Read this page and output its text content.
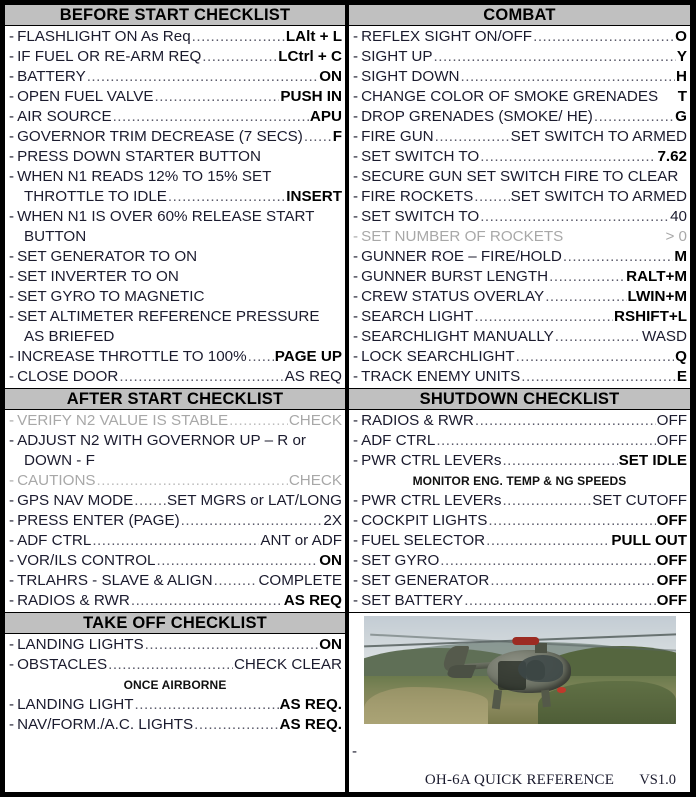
BEFORE START CHECKLIST
- FLASHLIGHT ON As Req .....	LAlt + L
- IF FUEL OR RE-ARM REQ .....	LCtrl + C
- BATTERY .....	ON
- OPEN FUEL VALVE .....	PUSH IN
- AIR SOURCE .....	APU
- GOVERNOR TRIM DECREASE (7 SECS) ..... F
- PRESS DOWN STARTER BUTTON
- WHEN N1 READS 12% TO 15% SET
THROTTLE TO IDLE .....	INSERT
- WHEN N1 IS OVER 60% RELEASE START
BUTTON
- SET GENERATOR TO ON
- SET INVERTER TO ON
- SET GYRO TO MAGNETIC
- SET ALTIMETER REFERENCE PRESSURE
AS BRIEFED
- INCREASE THROTTLE TO 100% ..... PAGE UP
- CLOSE DOOR .....	AS REQ
AFTER START CHECKLIST
- VERIFY N2 VALUE IS STABLE .....	CHECK
- ADJUST N2 WITH GOVERNOR UP – R or
DOWN - F
- CAUTIONS .....	CHECK
- GPS NAV MODE ..... SET MGRS or LAT/LONG
- PRESS ENTER (PAGE) .....	2X
- ADF CTRL .....	ANT or ADF
- VOR/ILS CONTROL .....	ON
- TRLAHRS - SLAVE & ALIGN .....	COMPLETE
- RADIOS & RWR .....	AS REQ
TAKE OFF CHECKLIST
- LANDING LIGHTS .....	ON
- OBSTACLES .....	CHECK CLEAR
ONCE AIRBORNE
- LANDING LIGHT .....	AS REQ.
- NAV/FORM./A.C. LIGHTS .....	AS REQ.
COMBAT
- REFLEX SIGHT ON/OFF .....	O
- SIGHT UP .....	Y
- SIGHT DOWN .....	H
- CHANGE COLOR OF SMOKE GRENADES T
- DROP GRENADES (SMOKE/ HE) .....	G
- FIRE GUN .....	SET SWITCH TO ARMED
- SET SWITCH TO .....	7.62
- SECURE GUN SET SWITCH FIRE TO CLEAR
- FIRE ROCKETS ..... SET SWITCH TO ARMED
- SET SWITCH TO .....	40
- SET NUMBER OF ROCKETS	> 0
- GUNNER ROE – FIRE/HOLD .....	M
- GUNNER BURST LENGTH .....	RALT+M
- CREW STATUS OVERLAY .....	LWIN+M
- SEARCH LIGHT .....	RSHIFT+L
- SEARCHLIGHT MANUALLY .....	WASD
- LOCK SEARCHLIGHT .....	Q
- TRACK ENEMY UNITS .....	E
SHUTDOWN CHECKLIST
- RADIOS & RWR .....	OFF
- ADF CTRL .....	OFF
- PWR CTRL LEVERs .....	SET IDLE
MONITOR ENG. TEMP & NG SPEEDS
- PWR CTRL LEVERs .....	SET CUTOFF
- COCKPIT LIGHTS .....	OFF
- FUEL SELECTOR .....	PULL OUT
- SET GYRO .....	OFF
- SET GENERATOR .....	OFF
- SET BATTERY .....	OFF
-
OH-6A QUICK REFERENCE	VS1.0
